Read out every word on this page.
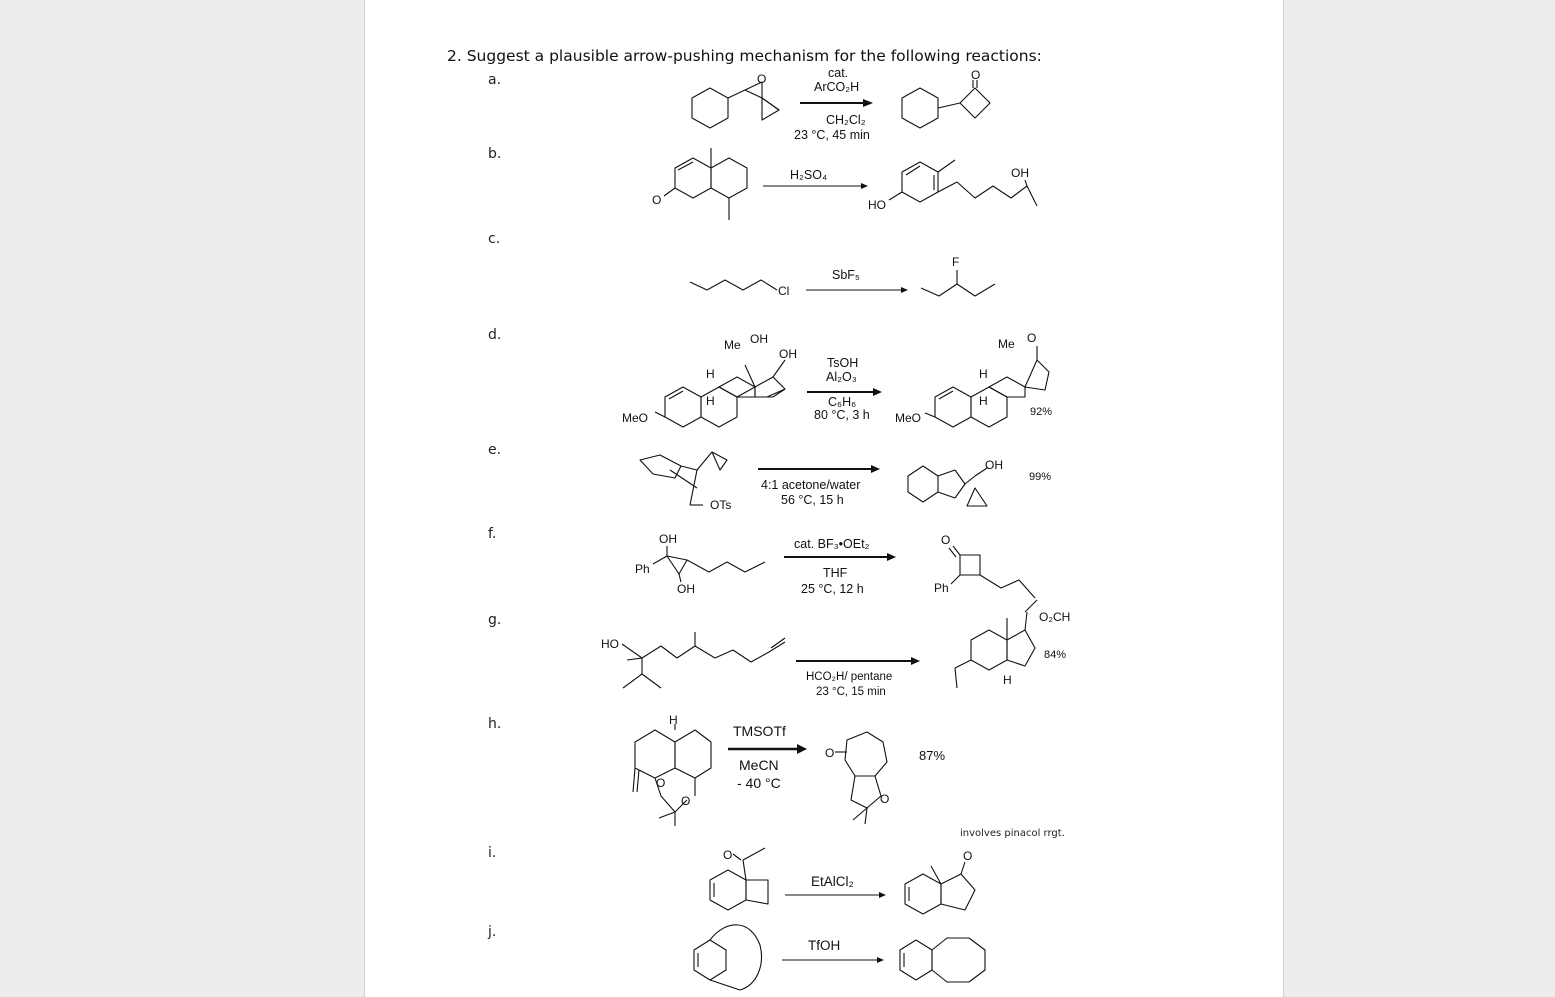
2. Suggest a plausible arrow-pushing mechanism for the following reactions:
a.
b.
c.
d.
e.
f.
g.
h.
i.
j.
cat.
ArCO₂H
CH₂Cl₂
23 °C, 45 min
H₂SO₄
SbF₅
TsOH
Al₂O₃
C₆H₆
80 °C, 3 h	92%
4:1 acetone/water
56 °C, 15 h
99%
cat. BF₃•OEt₂
THF
25 °C, 12 h
HCO₂H/ pentane
23 °C, 15 min
84%
TMSOTf
MeCN
- 40 °C
87%
involves pinacol rrgt.
EtAlCl₂
TfOH
O	O
O	HO
OH
Cl
F
MeO
Me OH
OH
H
H
MeO
Me O
H
H
OTs
OH
OH
Ph
OH
O
Ph
HO
O₂CH
H
H
O
O
O
O
O	O
